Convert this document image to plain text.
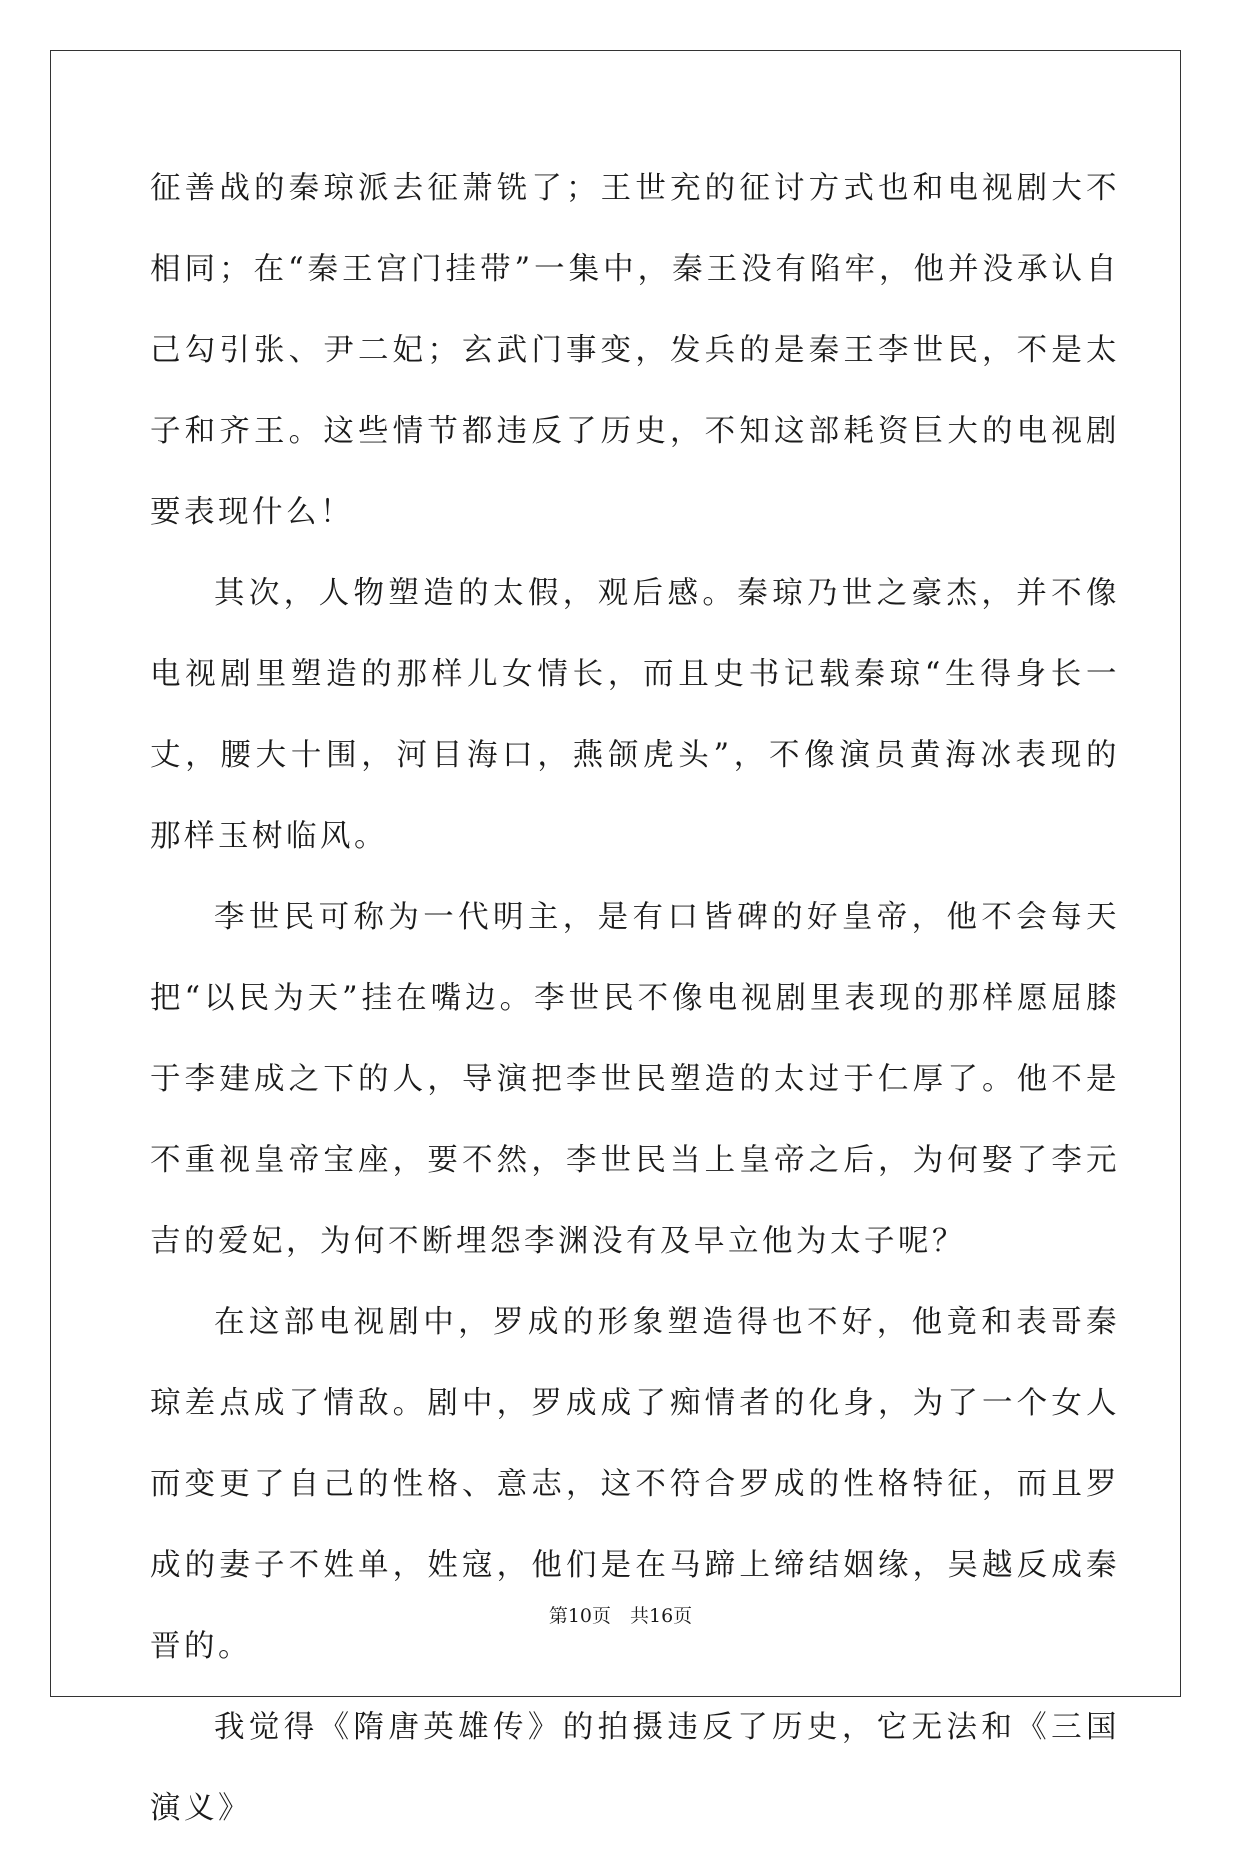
征善战的秦琼派去征萧铣了；王世充的征讨方式也和电视剧大不相同；在“秦王宫门挂带”一集中，秦王没有陷牢，他并没承认自己勾引张、尹二妃；玄武门事变，发兵的是秦王李世民，不是太子和齐王。这些情节都违反了历史，不知这部耗资巨大的电视剧要表现什么！

其次，人物塑造的太假，观后感。秦琼乃世之豪杰，并不像电视剧里塑造的那样儿女情长，而且史书记载秦琼“生得身长一丈，腰大十围，河目海口，燕颌虎头”，不像演员黄海冰表现的那样玉树临风。

李世民可称为一代明主，是有口皆碑的好皇帝，他不会每天把“以民为天”挂在嘴边。李世民不像电视剧里表现的那样愿屈膝于李建成之下的人，导演把李世民塑造的太过于仁厚了。他不是不重视皇帝宝座，要不然，李世民当上皇帝之后，为何娶了李元吉的爱妃，为何不断埋怨李渊没有及早立他为太子呢？

在这部电视剧中，罗成的形象塑造得也不好，他竟和表哥秦琼差点成了情敌。剧中，罗成成了痴情者的化身，为了一个女人而变更了自己的性格、意志，这不符合罗成的性格特征，而且罗成的妻子不姓单，姓寇，他们是在马蹄上缔结姻缘，吴越反成秦晋的。

我觉得《隋唐英雄传》的拍摄违反了历史，它无法和《三国演义》

第10页　共16页
